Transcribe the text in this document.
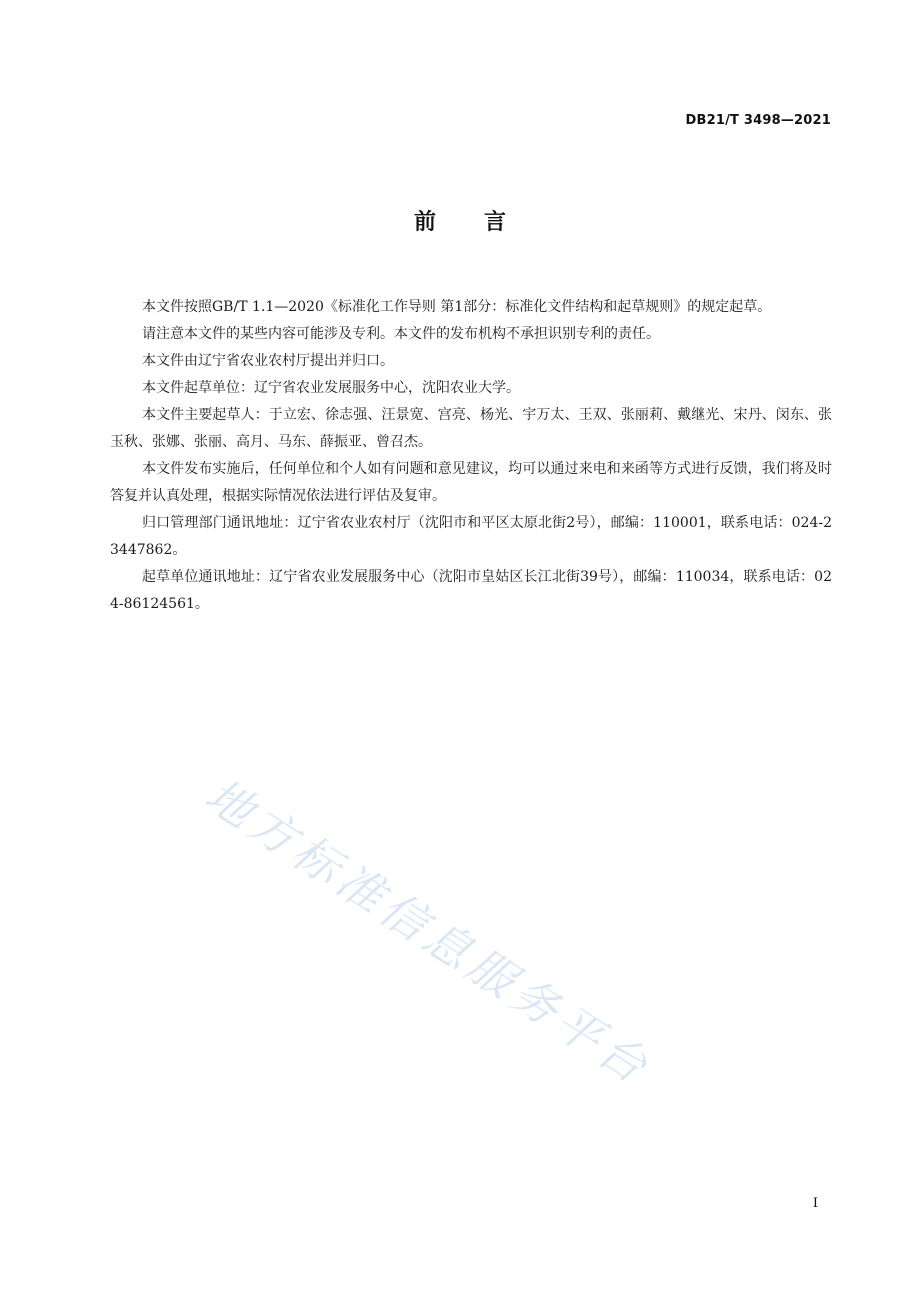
DB21/T 3498—2021
前 言

本文件按照GB/T 1.1—2020《标准化工作导则 第1部分：标准化文件结构和起草规则》的规定起草。

请注意本文件的某些内容可能涉及专利。本文件的发布机构不承担识别专利的责任。

本文件由辽宁省农业农村厅提出并归口。

本文件起草单位：辽宁省农业发展服务中心，沈阳农业大学。

本文件主要起草人：于立宏、徐志强、汪景宽、宫亮、杨光、宇万太、王双、张丽莉、戴继光、宋丹、闵东、张玉秋、张娜、张丽、高月、马东、薛振亚、曾召杰。

本文件发布实施后，任何单位和个人如有问题和意见建议，均可以通过来电和来函等方式进行反馈，我们将及时答复并认真处理，根据实际情况依法进行评估及复审。

归口管理部门通讯地址：辽宁省农业农村厅（沈阳市和平区太原北街2号），邮编：110001，联系电话：024-23447862。

起草单位通讯地址：辽宁省农业发展服务中心（沈阳市皇姑区长江北街39号），邮编：110034，联系电话：024-86124561。

地方标准信息服务平台
I
